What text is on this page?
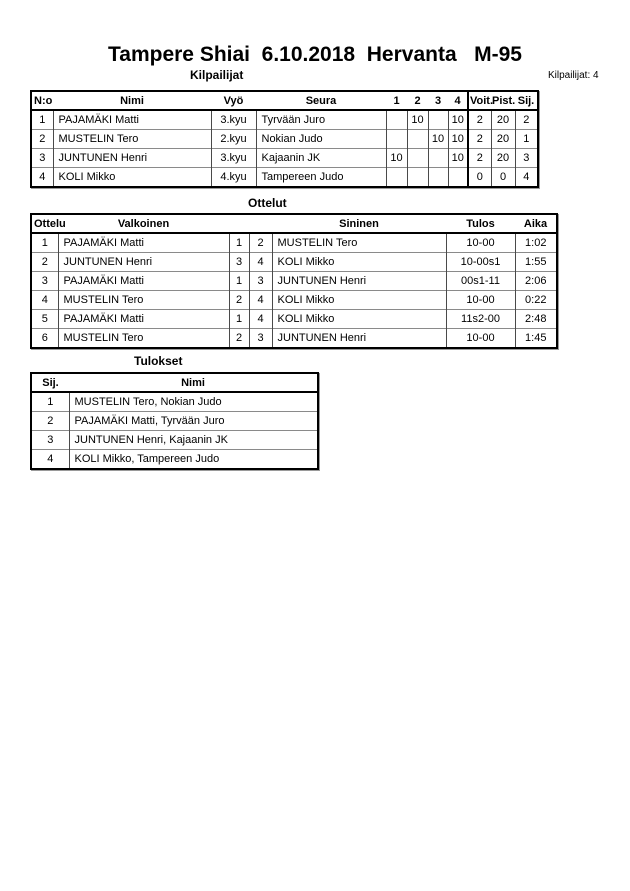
Tampere Shiai  6.10.2018  Hervanta   M-95
Kilpailijat	Kilpailijat: 4
N:o	Nimi	Vyö	Seura	1	2	3	4	Voit.	Pist.	Sij.
1	PAJAMÄKI Matti	3.kyu	Tyrvään Juro		10		10	2	20	2
2	MUSTELIN Tero	2.kyu	Nokian Judo			10	10	2	20	1
3	JUNTUNEN Henri	3.kyu	Kajaanin JK	10			10	2	20	3
4	KOLI Mikko	4.kyu	Tampereen Judo					0	0	4
Ottelut
Ottelu	Valkoinen			Sininen	Tulos	Aika
1	PAJAMÄKI Matti	1	2	MUSTELIN Tero	10-00	1:02
2	JUNTUNEN Henri	3	4	KOLI Mikko	10-00s1	1:55
3	PAJAMÄKI Matti	1	3	JUNTUNEN Henri	00s1-11	2:06
4	MUSTELIN Tero	2	4	KOLI Mikko	10-00	0:22
5	PAJAMÄKI Matti	1	4	KOLI Mikko	11s2-00	2:48
6	MUSTELIN Tero	2	3	JUNTUNEN Henri	10-00	1:45
Tulokset
Sij.	Nimi
1	MUSTELIN Tero, Nokian Judo
2	PAJAMÄKI Matti, Tyrvään Juro
3	JUNTUNEN Henri, Kajaanin JK
4	KOLI Mikko, Tampereen Judo
